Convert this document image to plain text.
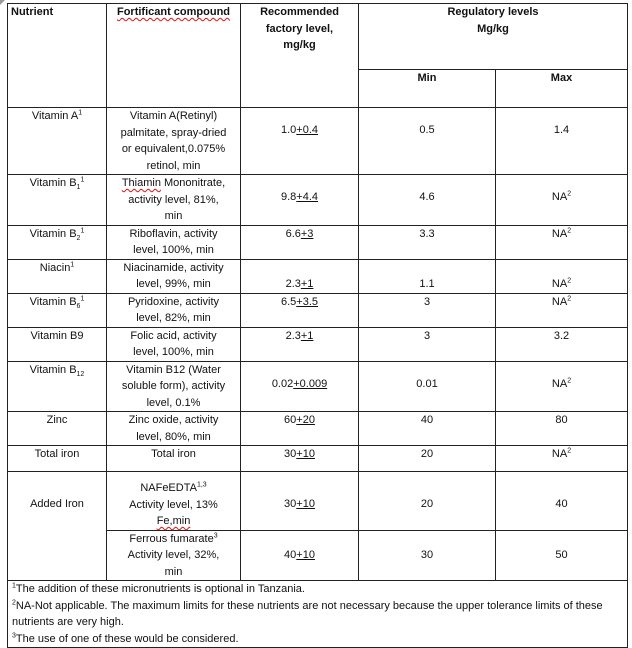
Nutrient	Fortificant compound	Recommended
factory level,
mg/kg	Regulatory levels
Mg/kg	

			Min	Max
Vitamin $A^1$	Vitamin A(Retinyl)
palmitate, spray-dried
or equivalent,0.075%
retinol, min	1.0+0.4	0.5	1.4

Vitamin $B_1^1$	Thiamin Mononitrate,
activity level, 81%,
min	9.8+4.4	4.6	$NA^2$

Vitamin $B_2^1$	Riboflavin, activity
level, 100%, min	6.6+3	3.3	$NA^2$

Niacin$^1$	Niacinamide, activity
level, 99%, min	2.3+1	1.1	$NA^2$

Vitamin $B_6^1$	Pyridoxine, activity
level, 82%, min	6.5+3.5	3	$NA^2$

Vitamin B9	Folic acid, activity
level, 100%, min	2.3+1	3	3.2

Vitamin $B_{12}$	Vitamin B12 (Water
soluble form), activity
level, 0.1%	0.02+0.009	0.01	$NA^2$

Zinc	Zinc oxide, activity
level, 80%, min	60+20	40	80

Total iron	Total iron	30+10	20	$NA^2$

Added Iron	NAFeEDTA$^{1,3}$
Activity level, 13%
Fe,min	30+10	20	40

	Ferrous fumarate$^3$
Activity level, 32%,
min	40+10	30	50

$^1$The addition of these micronutrients is optional in Tanzania.
$^2$NA-Not applicable. The maximum limits for these nutrients are not necessary because the upper tolerance limits of these nutrients are very high.
$^3$The use of one of these would be considered.				
